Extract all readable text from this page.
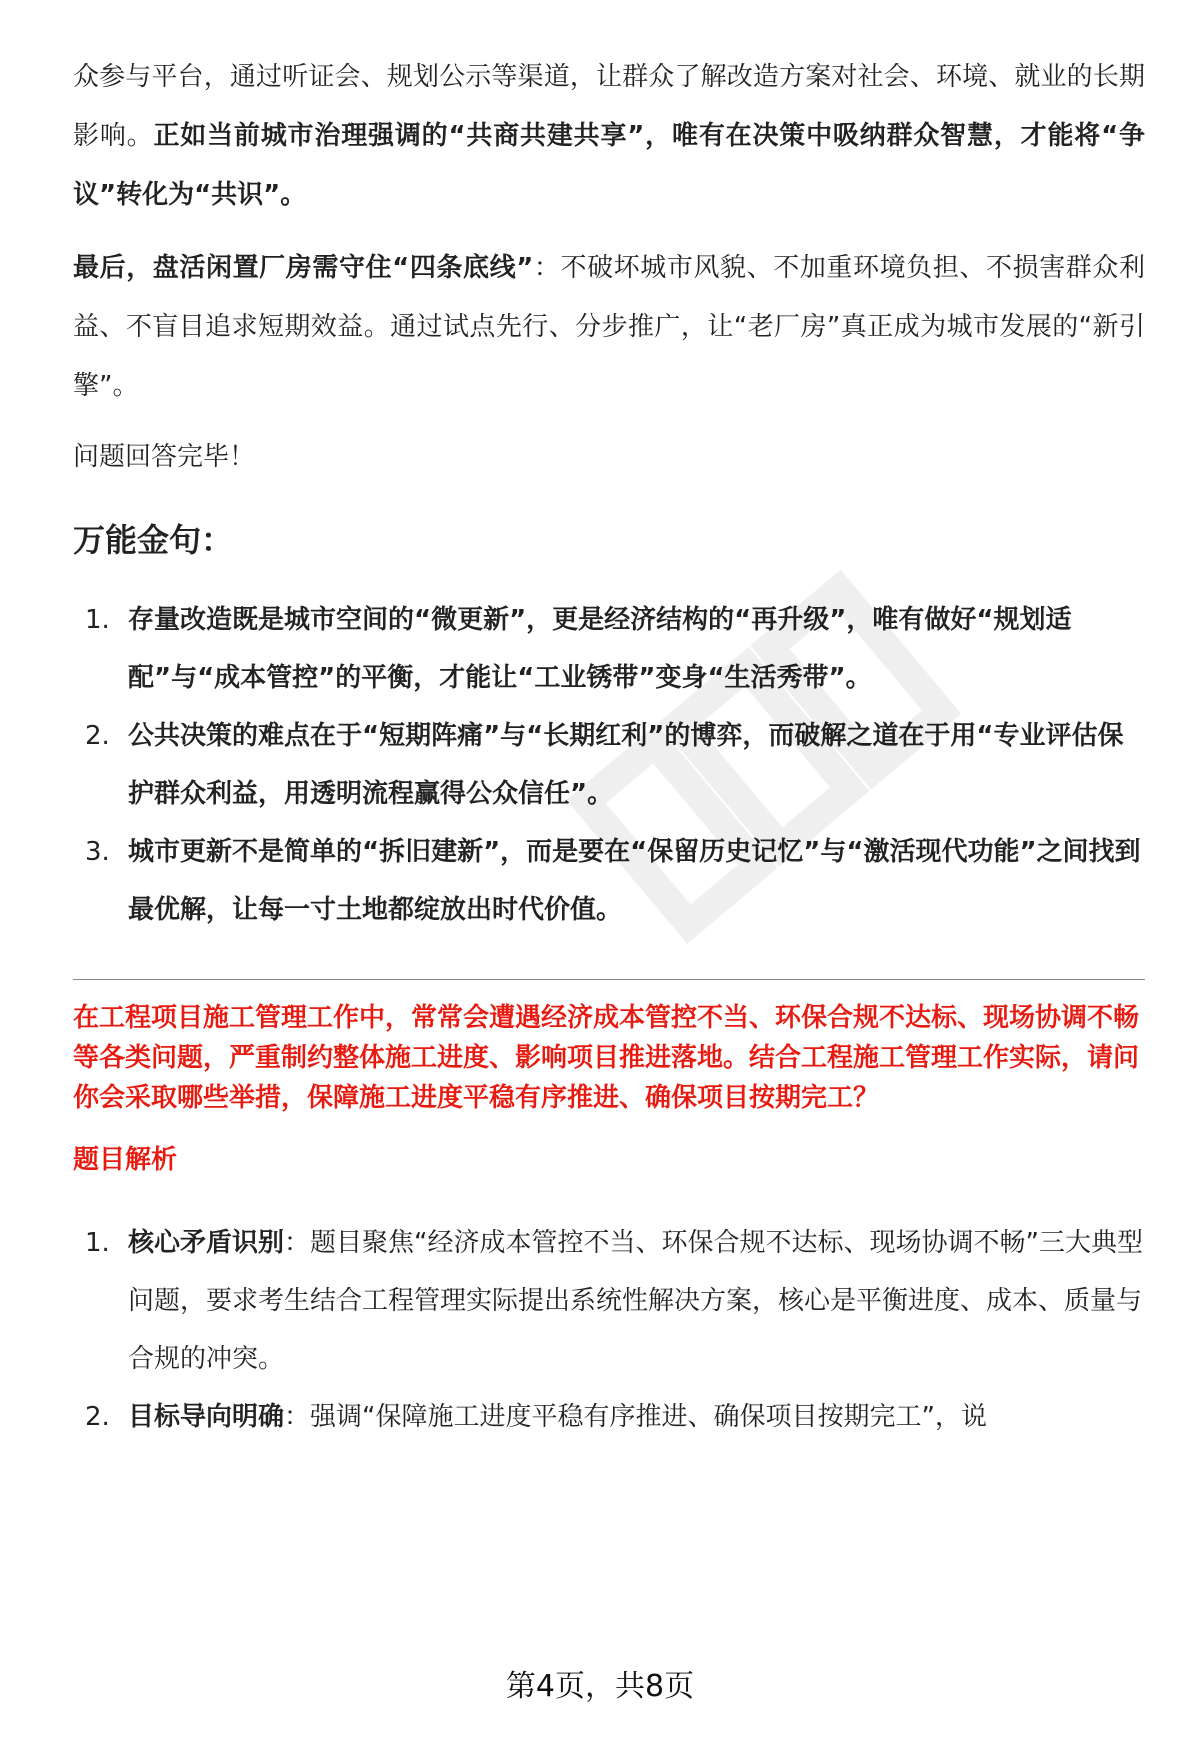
众参与平台，通过听证会、规划公示等渠道，让群众了解改造方案对社会、环境、就业的长期影响。正如当前城市治理强调的“共商共建共享”，唯有在决策中吸纳群众智慧，才能将“争议”转化为“共识”。

最后，盘活闲置厂房需守住“四条底线”：不破坏城市风貌、不加重环境负担、不损害群众利益、不盲目追求短期效益。通过试点先行、分步推广，让“老厂房”真正成为城市发展的“新引擎”。

问题回答完毕！

万能金句：
1. 存量改造既是城市空间的“微更新”，更是经济结构的“再升级”，唯有做好“规划适配”与“成本管控”的平衡，才能让“工业锈带”变身“生活秀带”。
2. 公共决策的难点在于“短期阵痛”与“长期红利”的博弈，而破解之道在于用“专业评估保护群众利益，用透明流程赢得公众信任”。
3. 城市更新不是简单的“拆旧建新”，而是要在“保留历史记忆”与“激活现代功能”之间找到最优解，让每一寸土地都绽放出时代价值。

在工程项目施工管理工作中，常常会遭遇经济成本管控不当、环保合规不达标、现场协调不畅等各类问题，严重制约整体施工进度、影响项目推进落地。结合工程施工管理工作实际，请问你会采取哪些举措，保障施工进度平稳有序推进、确保项目按期完工？

题目解析
1. 核心矛盾识别：题目聚焦“经济成本管控不当、环保合规不达标、现场协调不畅”三大典型问题，要求考生结合工程管理实际提出系统性解决方案，核心是平衡进度、成本、质量与合规的冲突。
2. 目标导向明确：强调“保障施工进度平稳有序推进、确保项目按期完工”，说
第4页，共8页
